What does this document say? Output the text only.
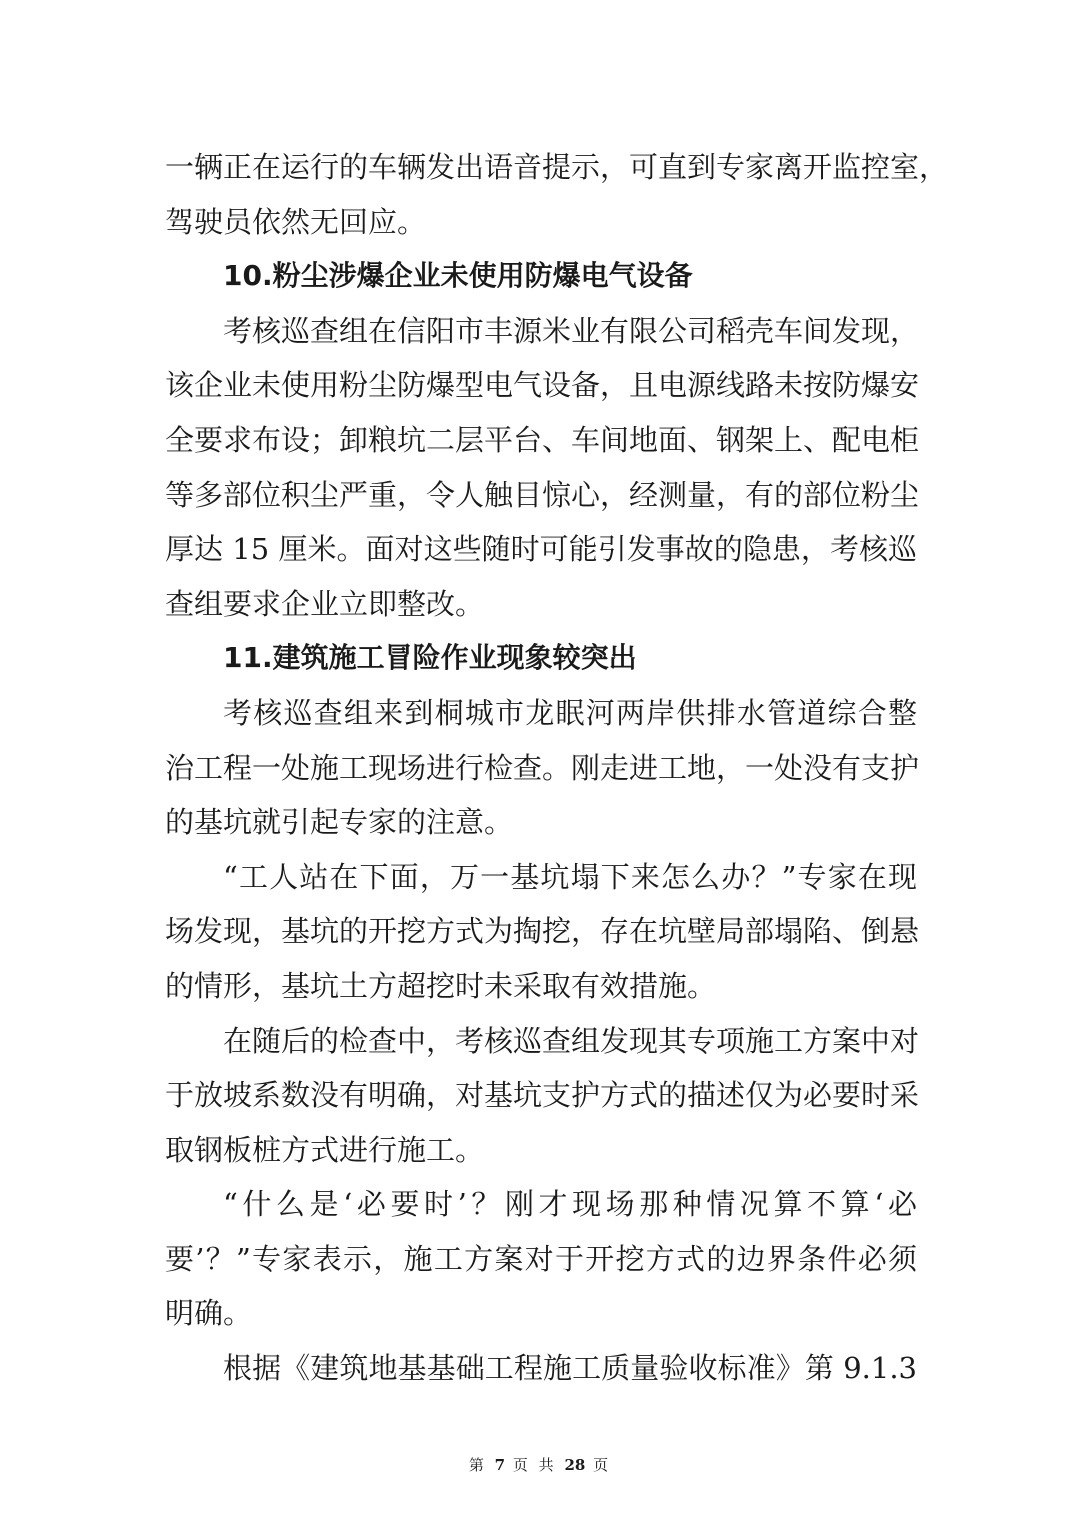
一辆正在运行的车辆发出语音提示，可直到专家离开监控室，
驾驶员依然无回应。
10.粉尘涉爆企业未使用防爆电气设备
考核巡查组在信阳市丰源米业有限公司稻壳车间发现，
该企业未使用粉尘防爆型电气设备，且电源线路未按防爆安
全要求布设；卸粮坑二层平台、车间地面、钢架上、配电柜
等多部位积尘严重，令人触目惊心，经测量，有的部位粉尘
厚达 15 厘米。面对这些随时可能引发事故的隐患，考核巡
查组要求企业立即整改。
11.建筑施工冒险作业现象较突出
考核巡查组来到桐城市龙眠河两岸供排水管道综合整
治工程一处施工现场进行检查。刚走进工地，一处没有支护
的基坑就引起专家的注意。
“工人站在下面，万一基坑塌下来怎么办？”专家在现
场发现，基坑的开挖方式为掏挖，存在坑壁局部塌陷、倒悬
的情形，基坑土方超挖时未采取有效措施。
在随后的检查中，考核巡查组发现其专项施工方案中对
于放坡系数没有明确，对基坑支护方式的描述仅为必要时采
取钢板桩方式进行施工。
“什么是‘必要时’？刚才现场那种情况算不算‘必
要’？”专家表示，施工方案对于开挖方式的边界条件必须
明确。
根据《建筑地基基础工程施工质量验收标准》第 9.1.3
第 7 页 共 28 页
